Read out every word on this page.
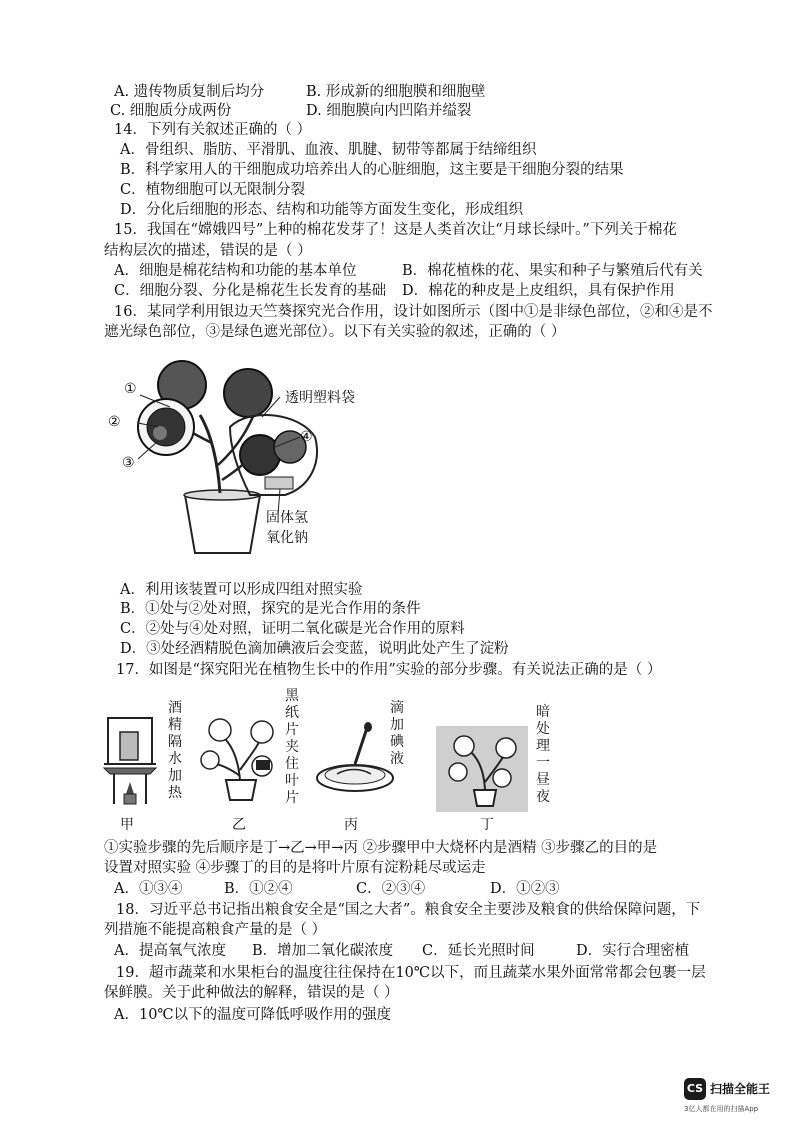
A. 遗传物质复制后均分	B. 形成新的细胞膜和细胞壁
C. 细胞质分成两份	D. 细胞膜向内凹陷并缢裂
14．下列有关叙述正确的（ ）
A．骨组织、脂肪、平滑肌、血液、肌腱、韧带等都属于结缔组织
B．科学家用人的干细胞成功培养出人的心脏细胞，这主要是干细胞分裂的结果
C．植物细胞可以无限制分裂
D．分化后细胞的形态、结构和功能等方面发生变化，形成组织
15．我国在“嫦娥四号”上种的棉花发芽了！这是人类首次让“月球长绿叶。”下列关于棉花
结构层次的描述，错误的是（ ）
A．细胞是棉花结构和功能的基本单位	B．棉花植株的花、果实和种子与繁殖后代有关
C．细胞分裂、分化是棉花生长发育的基础 D．棉花的种皮是上皮组织，具有保护作用
16．某同学利用银边天竺葵探究光合作用，设计如图所示（图中①是非绿色部位，②和④是不
遮光绿色部位，③是绿色遮光部位）。以下有关实验的叙述，正确的（ ）
①
②
③
④
透明塑料袋
固体氢
氧化钠
A．利用该装置可以形成四组对照实验
B．①处与②处对照，探究的是光合作用的条件
C．②处与④处对照，证明二氧化碳是光合作用的原料
D．③处经酒精脱色滴加碘液后会变蓝，说明此处产生了淀粉
17．如图是“探究阳光在植物生长中的作用”实验的部分步骤。有关说法正确的是（ ）
酒精隔水加热
黑纸片夹住叶片
滴加碘液
暗处理一昼夜
甲	乙	丙	丁
①实验步骤的先后顺序是丁→乙→甲→丙 ②步骤甲中大烧杯内是酒精 ③步骤乙的目的是
设置对照实验 ④步骤丁的目的是将叶片原有淀粉耗尽或运走
A．①③④	B．①②④	C．②③④	D．①②③
18．习近平总书记指出粮食安全是“国之大者”。粮食安全主要涉及粮食的供给保障问题，下
列措施不能提高粮食产量的是（ ）
A．提高氧气浓度 B．增加二氧化碳浓度 C．延长光照时间	D．实行合理密植
19．超市蔬菜和水果柜台的温度往往保持在10℃以下，而且蔬菜水果外面常常都会包裹一层
保鲜膜。关于此种做法的解释，错误的是（ ）
A．10℃以下的温度可降低呼吸作用的强度
CS 扫描全能王
3亿人都在用的扫描App
